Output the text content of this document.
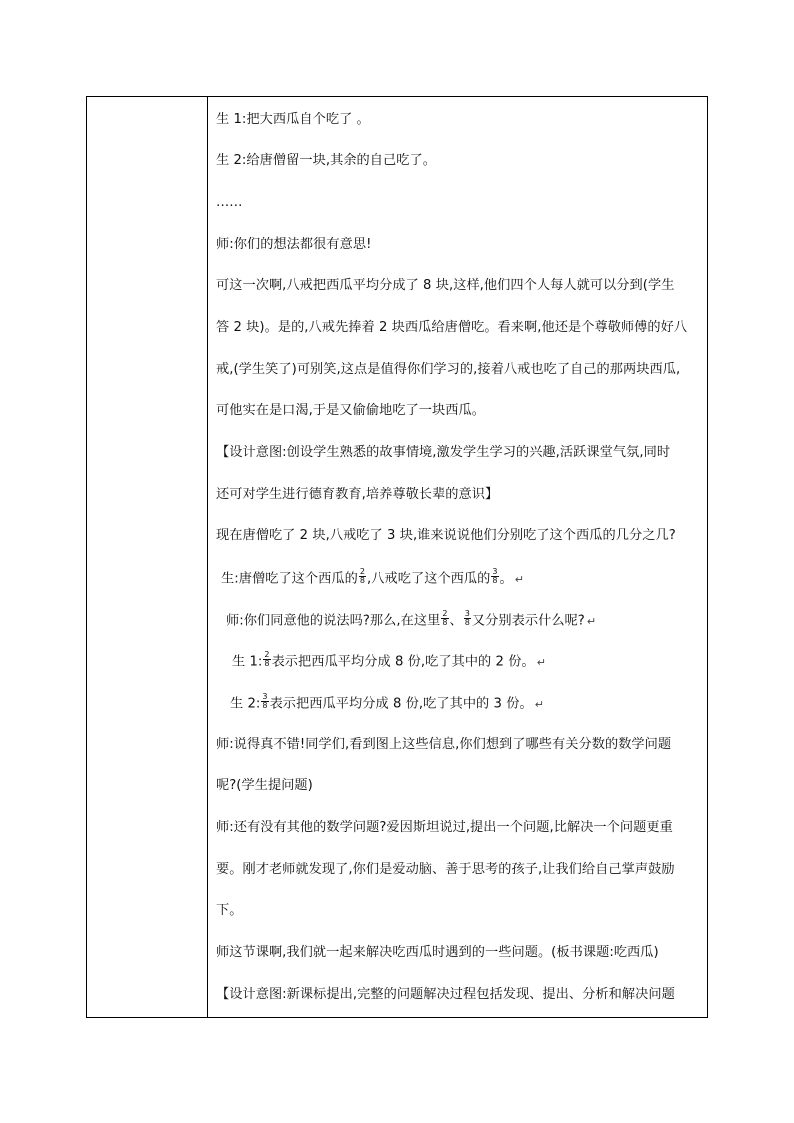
生 1:把大西瓜自个吃了 。
生 2:给唐僧留一块,其余的自己吃了。
……
师:你们的想法都很有意思!
可这一次啊,八戒把西瓜平均分成了 8 块,这样,他们四个人每人就可以分到(学生
答 2 块)。是的,八戒先捧着 2 块西瓜给唐僧吃。看来啊,他还是个尊敬师傅的好八
戒,(学生笑了)可别笑,这点是值得你们学习的,接着八戒也吃了自己的那两块西瓜,
可他实在是口渴,于是又偷偷地吃了一块西瓜。
【设计意图:创设学生熟悉的故事情境,激发学生学习的兴趣,活跃课堂气氛,同时
还可对学生进行德育教育,培养尊敬长辈的意识】
现在唐僧吃了 2 块,八戒吃了 3 块,谁来说说他们分别吃了这个西瓜的几分之几?
生:唐僧吃了这个西瓜的 $\frac{2}{8}$ ,八戒吃了这个西瓜的 $\frac{3}{8}$ 。 ↵
师:你们同意他的说法吗?那么,在这里 $\frac{2}{8}$ 、 $\frac{3}{8}$ 又分别表示什么呢? ↵
生 1: $\frac{2}{8}$ 表示把西瓜平均分成 8 份,吃了其中的 2 份。 ↵
生 2: $\frac{3}{8}$ 表示把西瓜平均分成 8 份,吃了其中的 3 份。 ↵
师:说得真不错!同学们,看到图上这些信息,你们想到了哪些有关分数的数学问题
呢?(学生提问题)
师:还有没有其他的数学问题?爱因斯坦说过,提出一个问题,比解决一个问题更重
要。刚才老师就发现了,你们是爱动脑、善于思考的孩子,让我们给自己掌声鼓励
下。
师这节课啊,我们就一起来解决吃西瓜时遇到的一些问题。(板书课题:吃西瓜)
【设计意图:新课标提出,完整的问题解决过程包括发现、提出、分析和解决问题
